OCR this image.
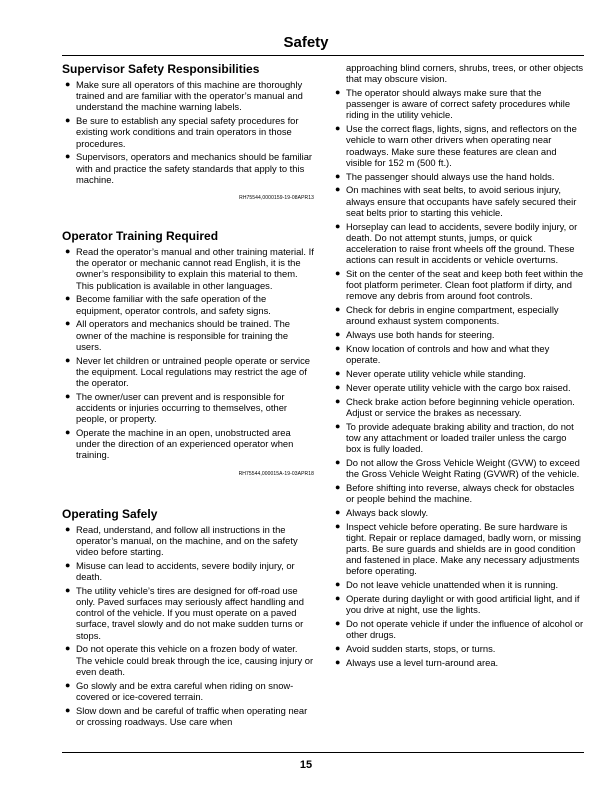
Safety
Supervisor Safety Responsibilities
● Make sure all operators of this machine are thoroughly trained and are familiar with the operator’s manual and understand the machine warning labels.
● Be sure to establish any special safety procedures for existing work conditions and train operators in those procedures.
● Supervisors, operators and mechanics should be familiar with and practice the safety standards that apply to this machine.

RH75544,0000159-19-08APR13

Operator Training Required
● Read the operator’s manual and other training material. If the operator or mechanic cannot read English, it is the owner’s responsibility to explain this material to them. This publication is available in other languages.
● Become familiar with the safe operation of the equipment, operator controls, and safety signs.
● All operators and mechanics should be trained. The owner of the machine is responsible for training the users.
● Never let children or untrained people operate or service the equipment. Local regulations may restrict the age of the operator.
● The owner/user can prevent and is responsible for accidents or injuries occurring to themselves, other people, or property.
● Operate the machine in an open, unobstructed area under the direction of an experienced operator when training.

RH75544,000015A-19-03APR18

Operating Safely
● Read, understand, and follow all instructions in the operator’s manual, on the machine, and on the safety video before starting.
● Misuse can lead to accidents, severe bodily injury, or death.
● The utility vehicle’s tires are designed for off-road use only. Paved surfaces may seriously affect handling and control of the vehicle. If you must operate on a paved surface, travel slowly and do not make sudden turns or stops.
● Do not operate this vehicle on a frozen body of water. The vehicle could break through the ice, causing injury or even death.
● Go slowly and be extra careful when riding on snow-covered or ice-covered terrain.
● Slow down and be careful of traffic when operating near or crossing roadways. Use care when
approaching blind corners, shrubs, trees, or other objects that may obscure vision.
● The operator should always make sure that the passenger is aware of correct safety procedures while riding in the utility vehicle.
● Use the correct flags, lights, signs, and reflectors on the vehicle to warn other drivers when operating near roadways. Make sure these features are clean and visible for 152 m (500 ft.).
● The passenger should always use the hand holds.
● On machines with seat belts, to avoid serious injury, always ensure that occupants have safely secured their seat belts prior to starting this vehicle.
● Horseplay can lead to accidents, severe bodily injury, or death. Do not attempt stunts, jumps, or quick acceleration to raise front wheels off the ground. These actions can result in accidents or vehicle overturns.
● Sit on the center of the seat and keep both feet within the foot platform perimeter. Clean foot platform if dirty, and remove any debris from around foot controls.
● Check for debris in engine compartment, especially around exhaust system components.
● Always use both hands for steering.
● Know location of controls and how and what they operate.
● Never operate utility vehicle while standing.
● Never operate utility vehicle with the cargo box raised.
● Check brake action before beginning vehicle operation. Adjust or service the brakes as necessary.
● To provide adequate braking ability and traction, do not tow any attachment or loaded trailer unless the cargo box is fully loaded.
● Do not allow the Gross Vehicle Weight (GVW) to exceed the Gross Vehicle Weight Rating (GVWR) of the vehicle.
● Before shifting into reverse, always check for obstacles or people behind the machine.
● Always back slowly.
● Inspect vehicle before operating. Be sure hardware is tight. Repair or replace damaged, badly worn, or missing parts. Be sure guards and shields are in good condition and fastened in place. Make any necessary adjustments before operating.
● Do not leave vehicle unattended when it is running.
● Operate during daylight or with good artificial light, and if you drive at night, use the lights.
● Do not operate vehicle if under the influence of alcohol or other drugs.
● Avoid sudden starts, stops, or turns.
● Always use a level turn-around area.
15
